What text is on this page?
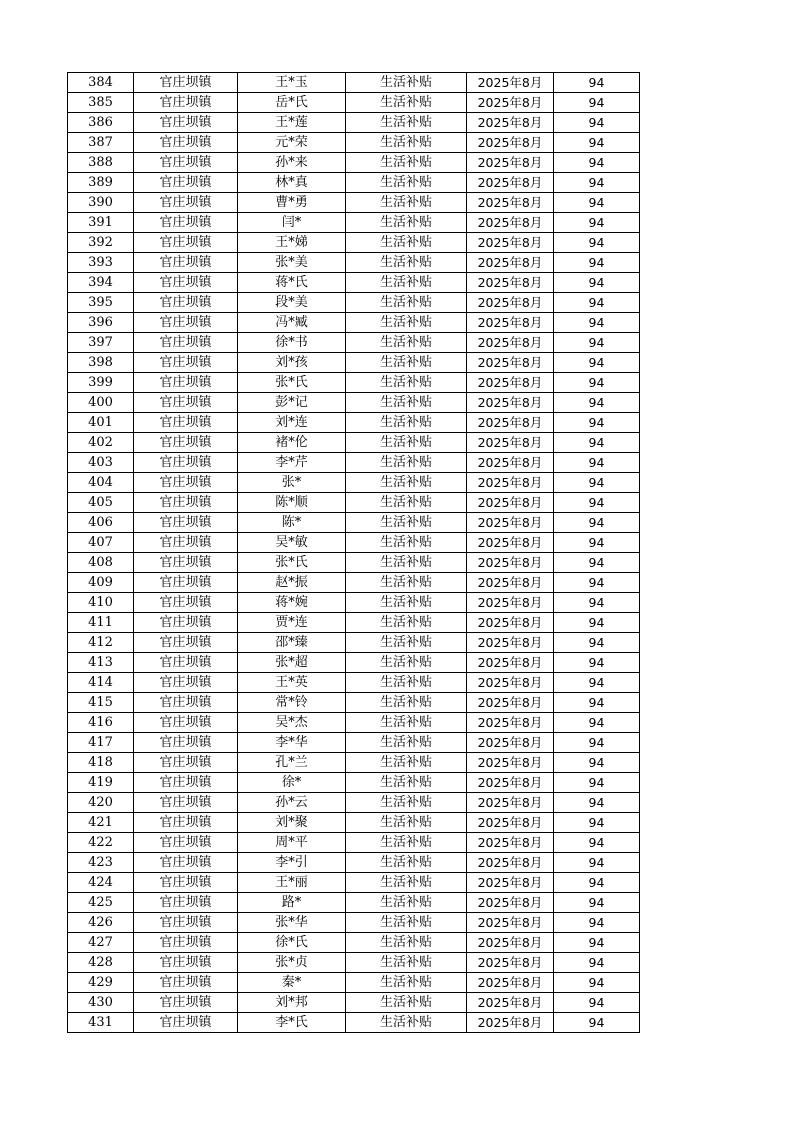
384	官庄坝镇	王*玉	生活补贴	2025年8月	94
385	官庄坝镇	岳*氏	生活补贴	2025年8月	94
386	官庄坝镇	王*莲	生活补贴	2025年8月	94
387	官庄坝镇	元*荣	生活补贴	2025年8月	94
388	官庄坝镇	孙*来	生活补贴	2025年8月	94
389	官庄坝镇	林*真	生活补贴	2025年8月	94
390	官庄坝镇	曹*勇	生活补贴	2025年8月	94
391	官庄坝镇	闫*	生活补贴	2025年8月	94
392	官庄坝镇	王*娣	生活补贴	2025年8月	94
393	官庄坝镇	张*美	生活补贴	2025年8月	94
394	官庄坝镇	蒋*氏	生活补贴	2025年8月	94
395	官庄坝镇	段*美	生活补贴	2025年8月	94
396	官庄坝镇	冯*臧	生活补贴	2025年8月	94
397	官庄坝镇	徐*书	生活补贴	2025年8月	94
398	官庄坝镇	刘*孩	生活补贴	2025年8月	94
399	官庄坝镇	张*氏	生活补贴	2025年8月	94
400	官庄坝镇	彭*记	生活补贴	2025年8月	94
401	官庄坝镇	刘*连	生活补贴	2025年8月	94
402	官庄坝镇	褚*伦	生活补贴	2025年8月	94
403	官庄坝镇	李*芹	生活补贴	2025年8月	94
404	官庄坝镇	张*	生活补贴	2025年8月	94
405	官庄坝镇	陈*顺	生活补贴	2025年8月	94
406	官庄坝镇	陈*	生活补贴	2025年8月	94
407	官庄坝镇	吴*敏	生活补贴	2025年8月	94
408	官庄坝镇	张*氏	生活补贴	2025年8月	94
409	官庄坝镇	赵*振	生活补贴	2025年8月	94
410	官庄坝镇	蒋*婉	生活补贴	2025年8月	94
411	官庄坝镇	贾*连	生活补贴	2025年8月	94
412	官庄坝镇	邵*臻	生活补贴	2025年8月	94
413	官庄坝镇	张*超	生活补贴	2025年8月	94
414	官庄坝镇	王*英	生活补贴	2025年8月	94
415	官庄坝镇	常*铃	生活补贴	2025年8月	94
416	官庄坝镇	吴*杰	生活补贴	2025年8月	94
417	官庄坝镇	李*华	生活补贴	2025年8月	94
418	官庄坝镇	孔*兰	生活补贴	2025年8月	94
419	官庄坝镇	徐*	生活补贴	2025年8月	94
420	官庄坝镇	孙*云	生活补贴	2025年8月	94
421	官庄坝镇	刘*聚	生活补贴	2025年8月	94
422	官庄坝镇	周*平	生活补贴	2025年8月	94
423	官庄坝镇	李*引	生活补贴	2025年8月	94
424	官庄坝镇	王*丽	生活补贴	2025年8月	94
425	官庄坝镇	路*	生活补贴	2025年8月	94
426	官庄坝镇	张*华	生活补贴	2025年8月	94
427	官庄坝镇	徐*氏	生活补贴	2025年8月	94
428	官庄坝镇	张*贞	生活补贴	2025年8月	94
429	官庄坝镇	秦*	生活补贴	2025年8月	94
430	官庄坝镇	刘*邦	生活补贴	2025年8月	94
431	官庄坝镇	李*氏	生活补贴	2025年8月	94
